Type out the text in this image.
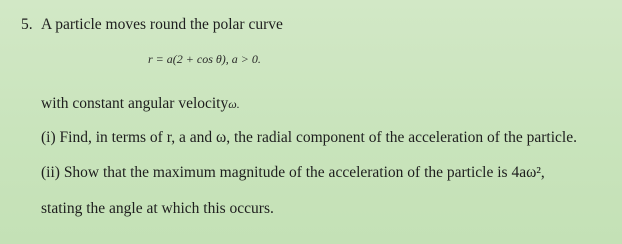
5. A particle moves round the polar curve
r = a(2 + cos θ), a > 0.
with constant angular velocityω.
(i) Find, in terms of r, a and ω, the radial component of the acceleration of the particle.
(ii) Show that the maximum magnitude of the acceleration of the particle is 4aω²,
stating the angle at which this occurs.
